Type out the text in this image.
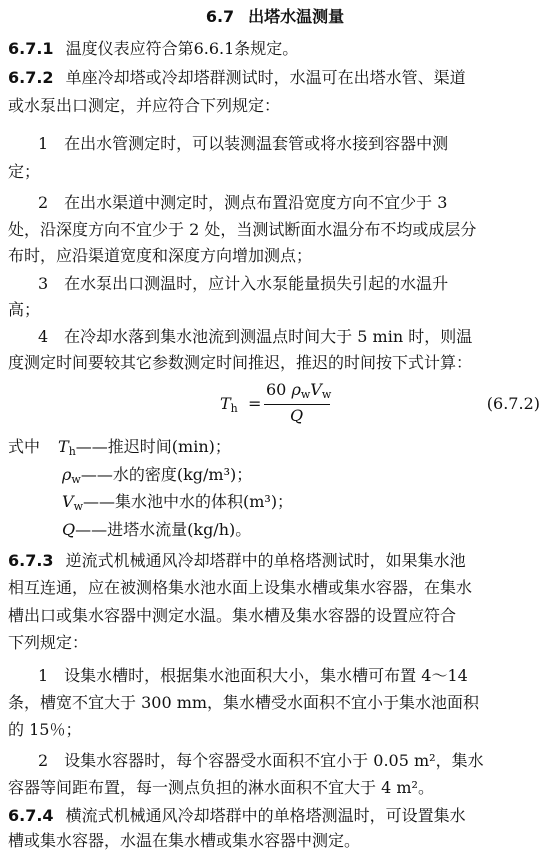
6.7 出塔水温测量
6.7.1 温度仪表应符合第6.6.1条规定。
6.7.2 单座冷却塔或冷却塔群测试时，水温可在出塔水管、渠道
或水泵出口测定，并应符合下列规定：
1　在出水管测定时，可以装测温套管或将水接到容器中测
定；
2　在出水渠道中测定时，测点布置沿宽度方向不宜少于 3
处，沿深度方向不宜少于 2 处，当测试断面水温分布不均或成层分
布时，应沿渠道宽度和深度方向增加测点；
3　在水泵出口测温时，应计入水泵能量损失引起的水温升
高；
4　在冷却水落到集水池流到测温点时间大于 5 min 时，则温
度测定时间要较其它参数测定时间推迟，推迟的时间按下式计算：
$T_h$ =
60 $\rho_wV_w$
Q
(6.7.2)
式中 $T_h——$推迟时间(min)；
$\rho_w——$水的密度(kg/m³)；
$V_w——$集水池中水的体积(m³)；
Q——进塔水流量(kg/h)。
6.7.3 逆流式机械通风冷却塔群中的单格塔测试时，如果集水池
相互连通，应在被测格集水池水面上设集水槽或集水容器，在集水
槽出口或集水容器中测定水温。集水槽及集水容器的设置应符合
下列规定：
1　设集水槽时，根据集水池面积大小，集水槽可布置 4～14
条，槽宽不宜大于 300 mm，集水槽受水面积不宜小于集水池面积
的 15％；
2　设集水容器时，每个容器受水面积不宜小于 0.05 m²，集水
容器等间距布置，每一测点负担的淋水面积不宜大于 4 m²。
6.7.4 横流式机械通风冷却塔群中的单格塔测温时，可设置集水
槽或集水容器，水温在集水槽或集水容器中测定。
